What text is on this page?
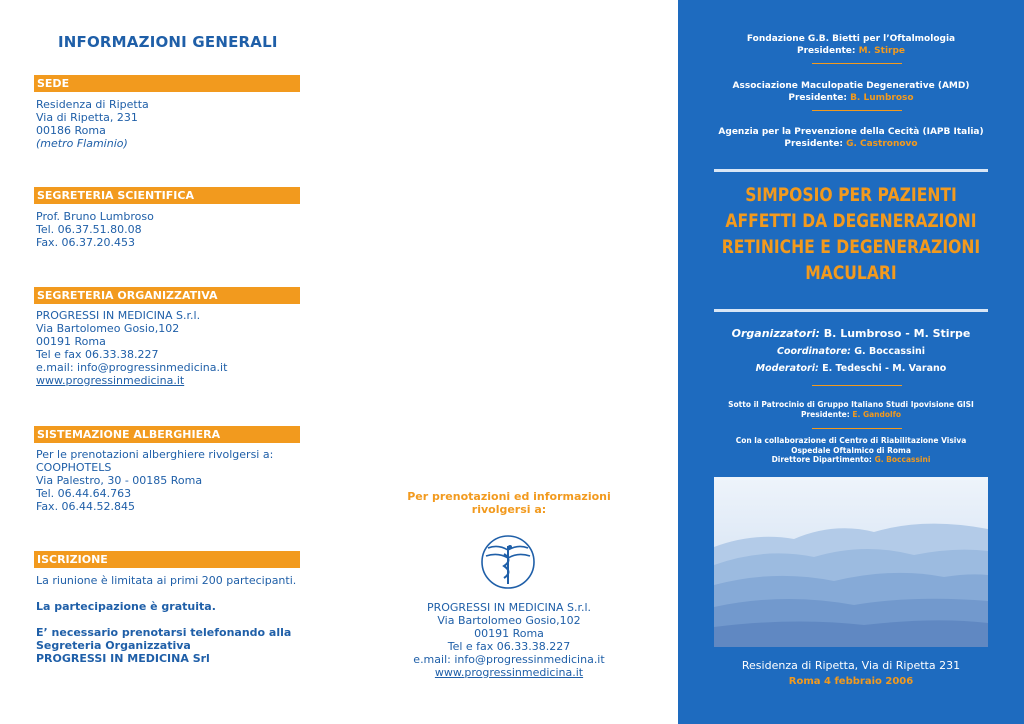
INFORMAZIONI GENERALI
SEDE
Residenza di Ripetta
Via di Ripetta, 231
00186 Roma
(metro Flaminio)
SEGRETERIA SCIENTIFICA
Prof. Bruno Lumbroso
Tel. 06.37.51.80.08
Fax. 06.37.20.453
SEGRETERIA ORGANIZZATIVA
PROGRESSI IN MEDICINA S.r.l.
Via Bartolomeo Gosio,102
00191 Roma
Tel e fax 06.33.38.227
e.mail: info@progressinmedicina.it
www.progressinmedicina.it
SISTEMAZIONE ALBERGHIERA
Per le prenotazioni alberghiere rivolgersi a:
COOPHOTELS
Via Palestro, 30 - 00185 Roma
Tel. 06.44.64.763
Fax. 06.44.52.845
ISCRIZIONE
La riunione è limitata ai primi 200 partecipanti.
La partecipazione è gratuita.
E’ necessario prenotarsi telefonando alla
Segreteria Organizzativa
PROGRESSI IN MEDICINA Srl
Per prenotazioni ed informazioni
rivolgersi a:
PROGRESSI IN MEDICINA S.r.l.
Via Bartolomeo Gosio,102
00191 Roma
Tel e fax 06.33.38.227
e.mail: info@progressinmedicina.it
www.progressinmedicina.it
Fondazione G.B. Bietti per l’Oftalmologia
Presidente: M. Stirpe
Associazione Maculopatie Degenerative (AMD)
Presidente: B. Lumbroso
Agenzia per la Prevenzione della Cecità (IAPB Italia)
Presidente: G. Castronovo
SIMPOSIO PER PAZIENTI
AFFETTI DA DEGENERAZIONI
RETINICHE E DEGENERAZIONI
MACULARI
Organizzatori: B. Lumbroso - M. Stirpe
Coordinatore: G. Boccassini
Moderatori: E. Tedeschi - M. Varano
Sotto il Patrocinio di Gruppo Italiano Studi Ipovisione GISI
Presidente: E. Gandolfo
Con la collaborazione di Centro di Riabilitazione Visiva
Ospedale Oftalmico di Roma
Direttore Dipartimento: G. Boccassini
Residenza di Ripetta, Via di Ripetta 231
Roma 4 febbraio 2006
